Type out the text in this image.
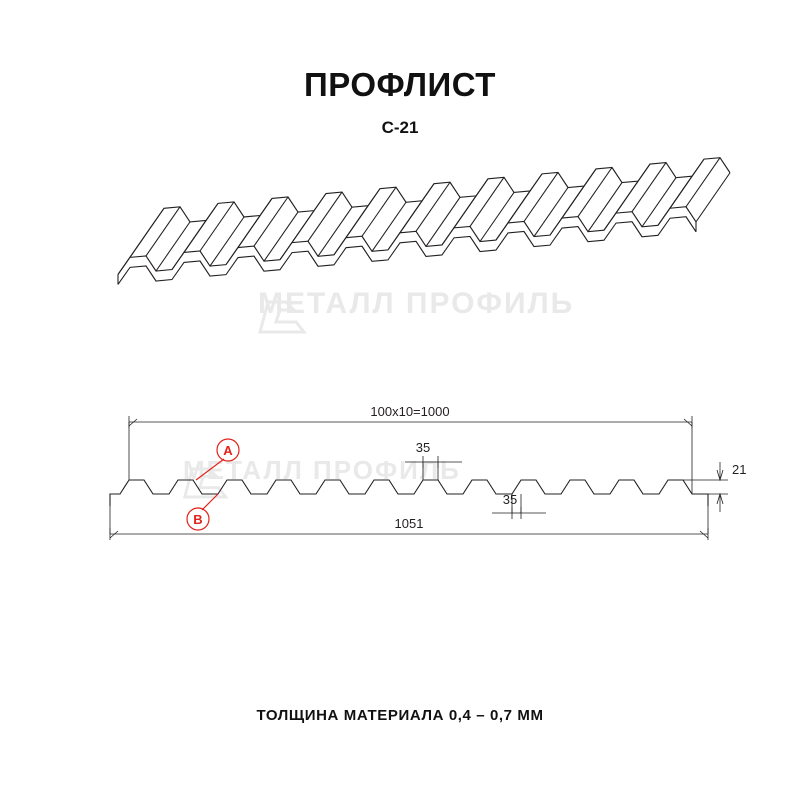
ПРОФЛИСТ
С-21
МЕТАЛЛ ПРОФИЛЬ
МЕТАЛЛ ПРОФИЛЬ
100х10=1000
1051
35
35
21
A
B
ТОЛЩИНА МАТЕРИАЛА 0,4 – 0,7 ММ
